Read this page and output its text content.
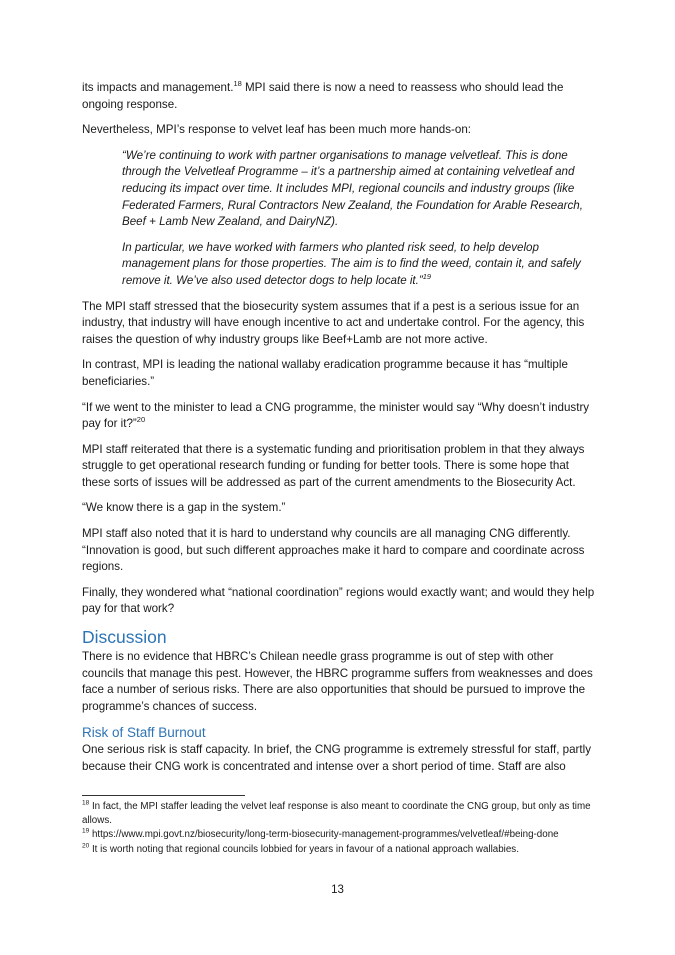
its impacts and management.$^{18}$ MPI said there is now a need to reassess who should lead the ongoing response.

Nevertheless, MPI’s response to velvet leaf has been much more hands-on:

“We’re continuing to work with partner organisations to manage velvetleaf. This is done through the Velvetleaf Programme – it’s a partnership aimed at containing velvetleaf and reducing its impact over time. It includes MPI, regional councils and industry groups (like Federated Farmers, Rural Contractors New Zealand, the Foundation for Arable Research, Beef + Lamb New Zealand, and DairyNZ).

In particular, we have worked with farmers who planted risk seed, to help develop management plans for those properties. The aim is to find the weed, contain it, and safely remove it. We’ve also used detector dogs to help locate it.”$^{19}$

The MPI staff stressed that the biosecurity system assumes that if a pest is a serious issue for an industry, that industry will have enough incentive to act and undertake control. For the agency, this raises the question of why industry groups like Beef+Lamb are not more active.

In contrast, MPI is leading the national wallaby eradication programme because it has “multiple beneficiaries.”

“If we went to the minister to lead a CNG programme, the minister would say “Why doesn’t industry pay for it?”$^{20}$

MPI staff reiterated that there is a systematic funding and prioritisation problem in that they always struggle to get operational research funding or funding for better tools. There is some hope that these sorts of issues will be addressed as part of the current amendments to the Biosecurity Act.

“We know there is a gap in the system.”

MPI staff also noted that it is hard to understand why councils are all managing CNG differently. “Innovation is good, but such different approaches make it hard to compare and coordinate across regions.

Finally, they wondered what “national coordination” regions would exactly want; and would they help pay for that work?

Discussion

There is no evidence that HBRC’s Chilean needle grass programme is out of step with other councils that manage this pest. However, the HBRC programme suffers from weaknesses and does face a number of serious risks. There are also opportunities that should be pursued to improve the programme’s chances of success.

Risk of Staff Burnout

One serious risk is staff capacity. In brief, the CNG programme is extremely stressful for staff, partly because their CNG work is concentrated and intense over a short period of time. Staff are also

$^{18}$ In fact, the MPI staffer leading the velvet leaf response is also meant to coordinate the CNG group, but only as time allows.

$^{19}$ https://www.mpi.govt.nz/biosecurity/long-term-biosecurity-management-programmes/velvetleaf/#being-done

$^{20}$ It is worth noting that regional councils lobbied for years in favour of a national approach wallabies.

13
